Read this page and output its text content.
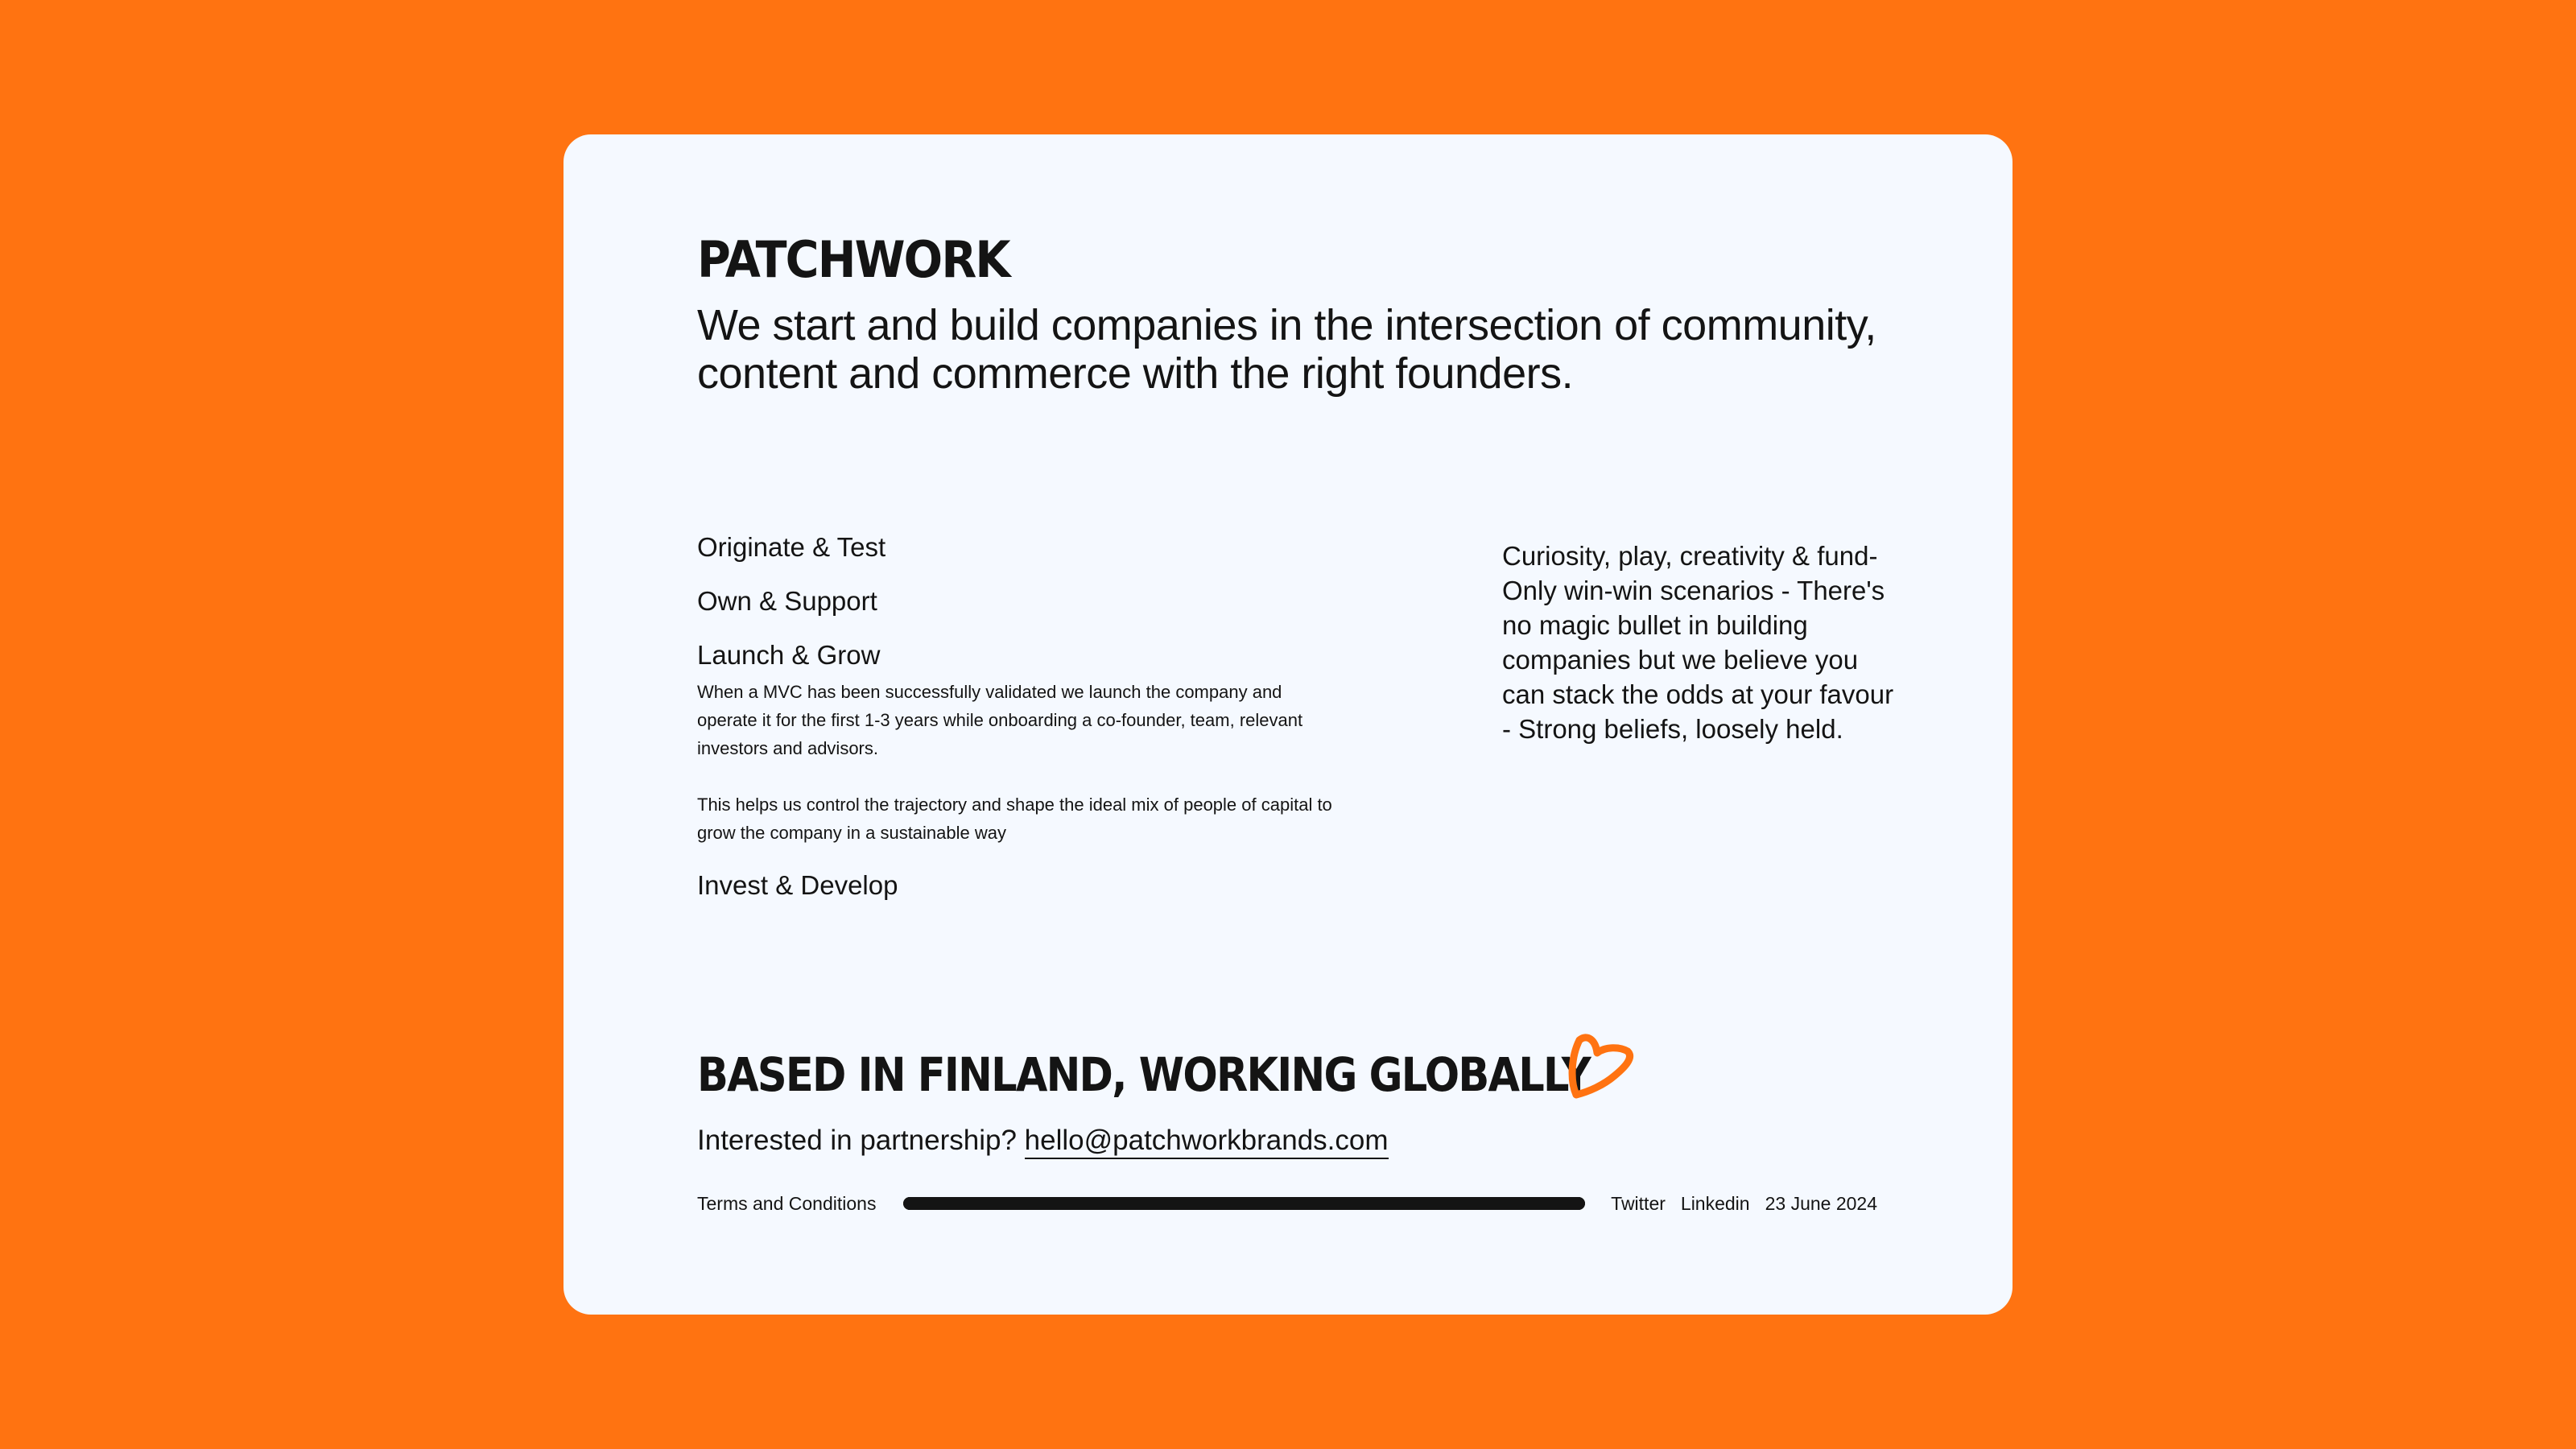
PATCHWORK

We start and build companies in the intersection of community, content and commerce with the right founders.

Originate & Test
Own & Support
Launch & Grow

When a MVC has been successfully validated we launch the company and operate it for the first 1-3 years while onboarding a co-founder, team, relevant investors and advisors.

This helps us control the trajectory and shape the ideal mix of people of capital to grow the company in a sustainable way

Invest & Develop

Curiosity, play, creativity & fund- Only win-win scenarios - There's no magic bullet in building companies but we believe you can stack the odds at your favour - Strong beliefs, loosely held.

BASED IN FINLAND, WORKING GLOBALLY

Interested in partnership? hello@patchworkbrands.com

Terms and Conditions	Twitter Linkedin 23 June 2024
